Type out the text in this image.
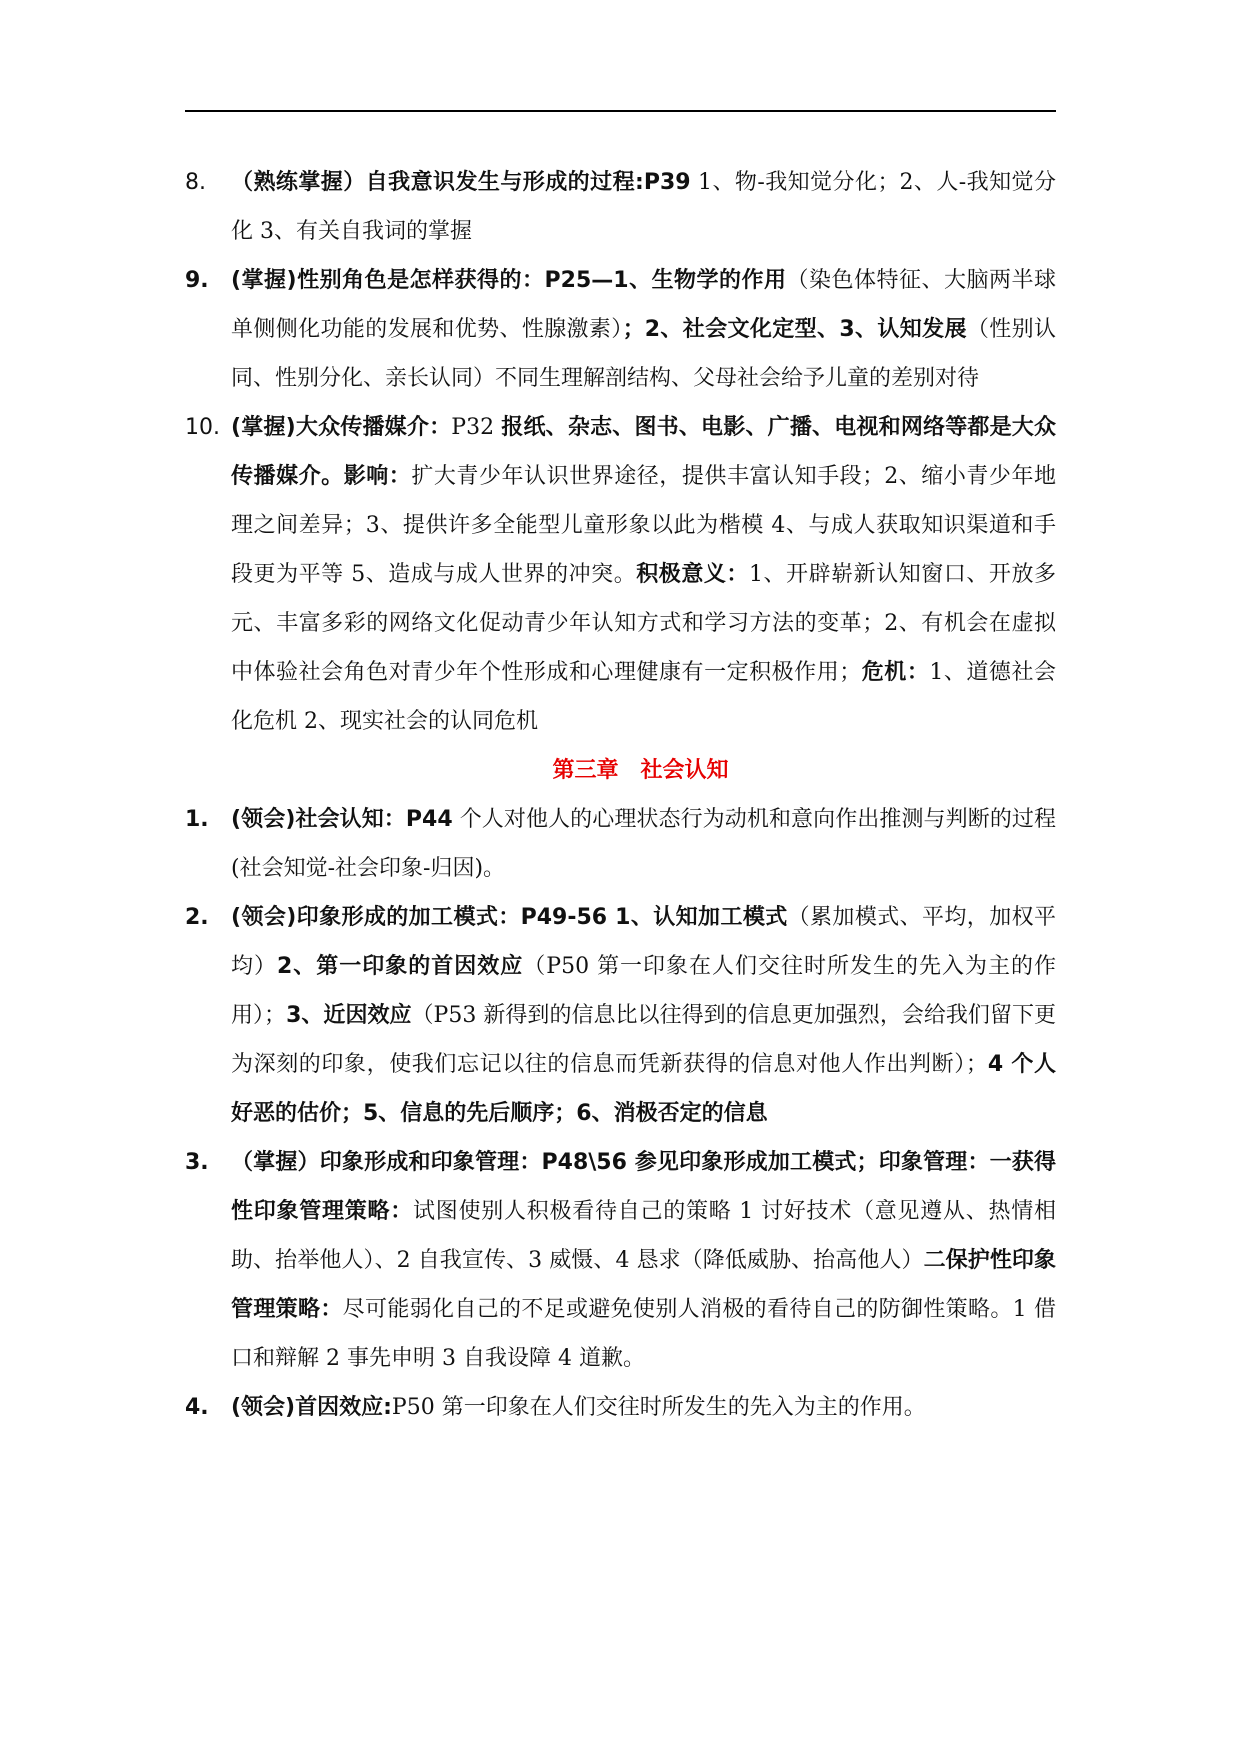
8. （熟练掌握）自我意识发生与形成的过程:P39 1、物-我知觉分化；2、人-我知觉分化 3、有关自我词的掌握
9. (掌握)性别角色是怎样获得的：P25—1、生物学的作用（染色体特征、大脑两半球单侧侧化功能的发展和优势、性腺激素）；2、社会文化定型、3、认知发展（性别认同、性别分化、亲长认同）不同生理解剖结构、父母社会给予儿童的差别对待
10. (掌握)大众传播媒介：P32 报纸、杂志、图书、电影、广播、电视和网络等都是大众传播媒介。影响：扩大青少年认识世界途径，提供丰富认知手段；2、缩小青少年地理之间差异；3、提供许多全能型儿童形象以此为楷模 4、与成人获取知识渠道和手段更为平等 5、造成与成人世界的冲突。积极意义：1、开辟崭新认知窗口、开放多元、丰富多彩的网络文化促动青少年认知方式和学习方法的变革；2、有机会在虚拟中体验社会角色对青少年个性形成和心理健康有一定积极作用；危机：1、道德社会化危机 2、现实社会的认同危机
第三章　社会认知
1. (领会)社会认知：P44 个人对他人的心理状态行为动机和意向作出推测与判断的过程(社会知觉-社会印象-归因)。
2. (领会)印象形成的加工模式：P49-56 1、认知加工模式（累加模式、平均，加权平均）2、第一印象的首因效应（P50 第一印象在人们交往时所发生的先入为主的作用）；3、近因效应（P53 新得到的信息比以往得到的信息更加强烈，会给我们留下更为深刻的印象，使我们忘记以往的信息而凭新获得的信息对他人作出判断）；4 个人好恶的估价；5、信息的先后顺序；6、消极否定的信息
3. （掌握）印象形成和印象管理：P48\56 参见印象形成加工模式；印象管理：一获得性印象管理策略：试图使别人积极看待自己的策略 1 讨好技术（意见遵从、热情相助、抬举他人）、2 自我宣传、3 威慑、4 恳求（降低威胁、抬高他人）二保护性印象管理策略：尽可能弱化自己的不足或避免使别人消极的看待自己的防御性策略。1 借口和辩解 2 事先申明 3 自我设障 4 道歉。
4. (领会)首因效应:P50 第一印象在人们交往时所发生的先入为主的作用。
